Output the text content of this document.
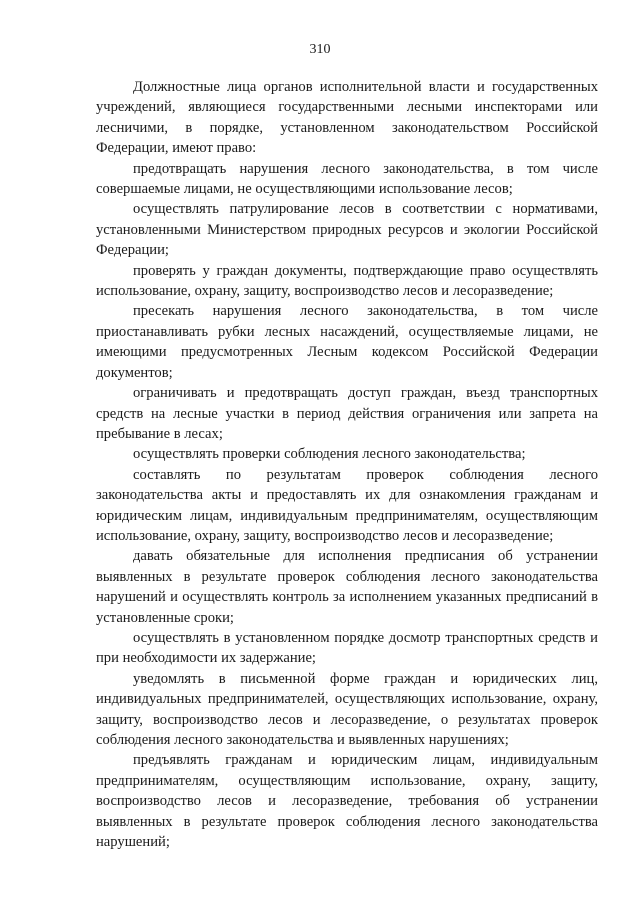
310

Должностные лица органов исполнительной власти и государственных учреждений, являющиеся государственными лесными инспекторами или лесничими, в порядке, установленном законодательством Российской Федерации, имеют право:

предотвращать нарушения лесного законодательства, в том числе совершаемые лицами, не осуществляющими использование лесов;

осуществлять патрулирование лесов в соответствии с нормативами, установленными Министерством природных ресурсов и экологии Российской Федерации;

проверять у граждан документы, подтверждающие право осуществлять использование, охрану, защиту, воспроизводство лесов и лесоразведение;

пресекать нарушения лесного законодательства, в том числе приостанавливать рубки лесных насаждений, осуществляемые лицами, не имеющими предусмотренных Лесным кодексом Российской Федерации документов;

ограничивать и предотвращать доступ граждан, въезд транспортных средств на лесные участки в период действия ограничения или запрета на пребывание в лесах;

осуществлять проверки соблюдения лесного законодательства;

составлять по результатам проверок соблюдения лесного законодательства акты и предоставлять их для ознакомления гражданам и юридическим лицам, индивидуальным предпринимателям, осуществляющим использование, охрану, защиту, воспроизводство лесов и лесоразведение;

давать обязательные для исполнения предписания об устранении выявленных в результате проверок соблюдения лесного законодательства нарушений и осуществлять контроль за исполнением указанных предписаний в установленные сроки;

осуществлять в установленном порядке досмотр транспортных средств и при необходимости их задержание;

уведомлять в письменной форме граждан и юридических лиц, индивидуальных предпринимателей, осуществляющих использование, охрану, защиту, воспроизводство лесов и лесоразведение, о результатах проверок соблюдения лесного законодательства и выявленных нарушениях;

предъявлять гражданам и юридическим лицам, индивидуальным предпринимателям, осуществляющим использование, охрану, защиту, воспроизводство лесов и лесоразведение, требования об устранении выявленных в результате проверок соблюдения лесного законодательства нарушений;
